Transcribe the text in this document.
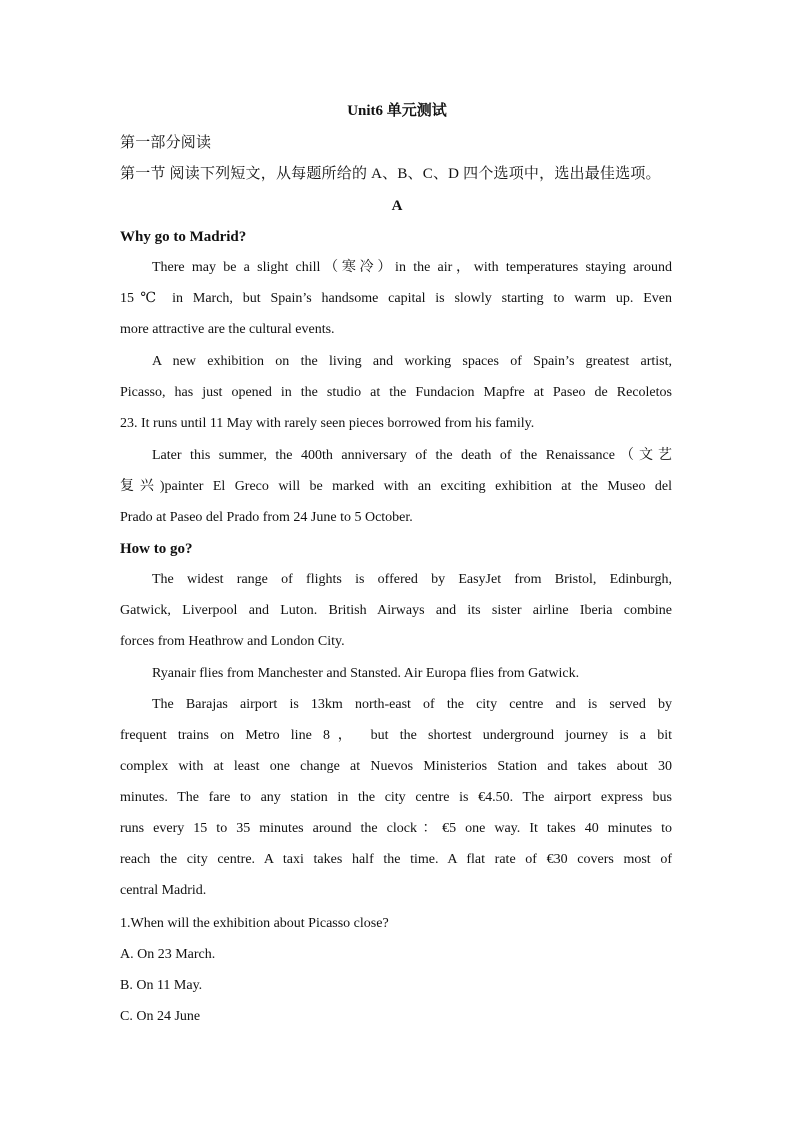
Unit6 单元测试
第一部分阅读
第一节 阅读下列短文，从每题所给的 A、B、C、D 四个选项中，选出最佳选项。
A
Why go to Madrid?
There may be a slight chill（寒冷）in the air，with temperatures staying around
15℃ in March, but Spain’s handsome capital is slowly starting to warm up. Even
more attractive are the cultural events.
A new exhibition on the living and working spaces of Spain’s greatest artist,
Picasso, has just opened in the studio at the Fundacion Mapfre at Paseo de Recoletos
23. It runs until 11 May with rarely seen pieces borrowed from his family.
Later this summer, the 400th anniversary of the death of the Renaissance（文艺
复兴)painter El Greco will be marked with an exciting exhibition at the Museo del
Prado at Paseo del Prado from 24 June to 5 October.
How to go?
The widest range of flights is offered by EasyJet from Bristol, Edinburgh,
Gatwick, Liverpool and Luton. British Airways and its sister airline Iberia combine
forces from Heathrow and London City.
Ryanair flies from Manchester and Stansted. Air Europa flies from Gatwick.
The Barajas airport is 13km north-east of the city centre and is served by
frequent trains on Metro line 8， but the shortest underground journey is a bit
complex with at least one change at Nuevos Ministerios Station and takes about 30
minutes. The fare to any station in the city centre is €4.50. The airport express bus
runs every 15 to 35 minutes around the clock：€5 one way. It takes 40 minutes to
reach the city centre. A taxi takes half the time. A flat rate of €30 covers most of
central Madrid.
1.When will the exhibition about Picasso close?
A. On 23 March.
B. On 11 May.
C. On 24 June
